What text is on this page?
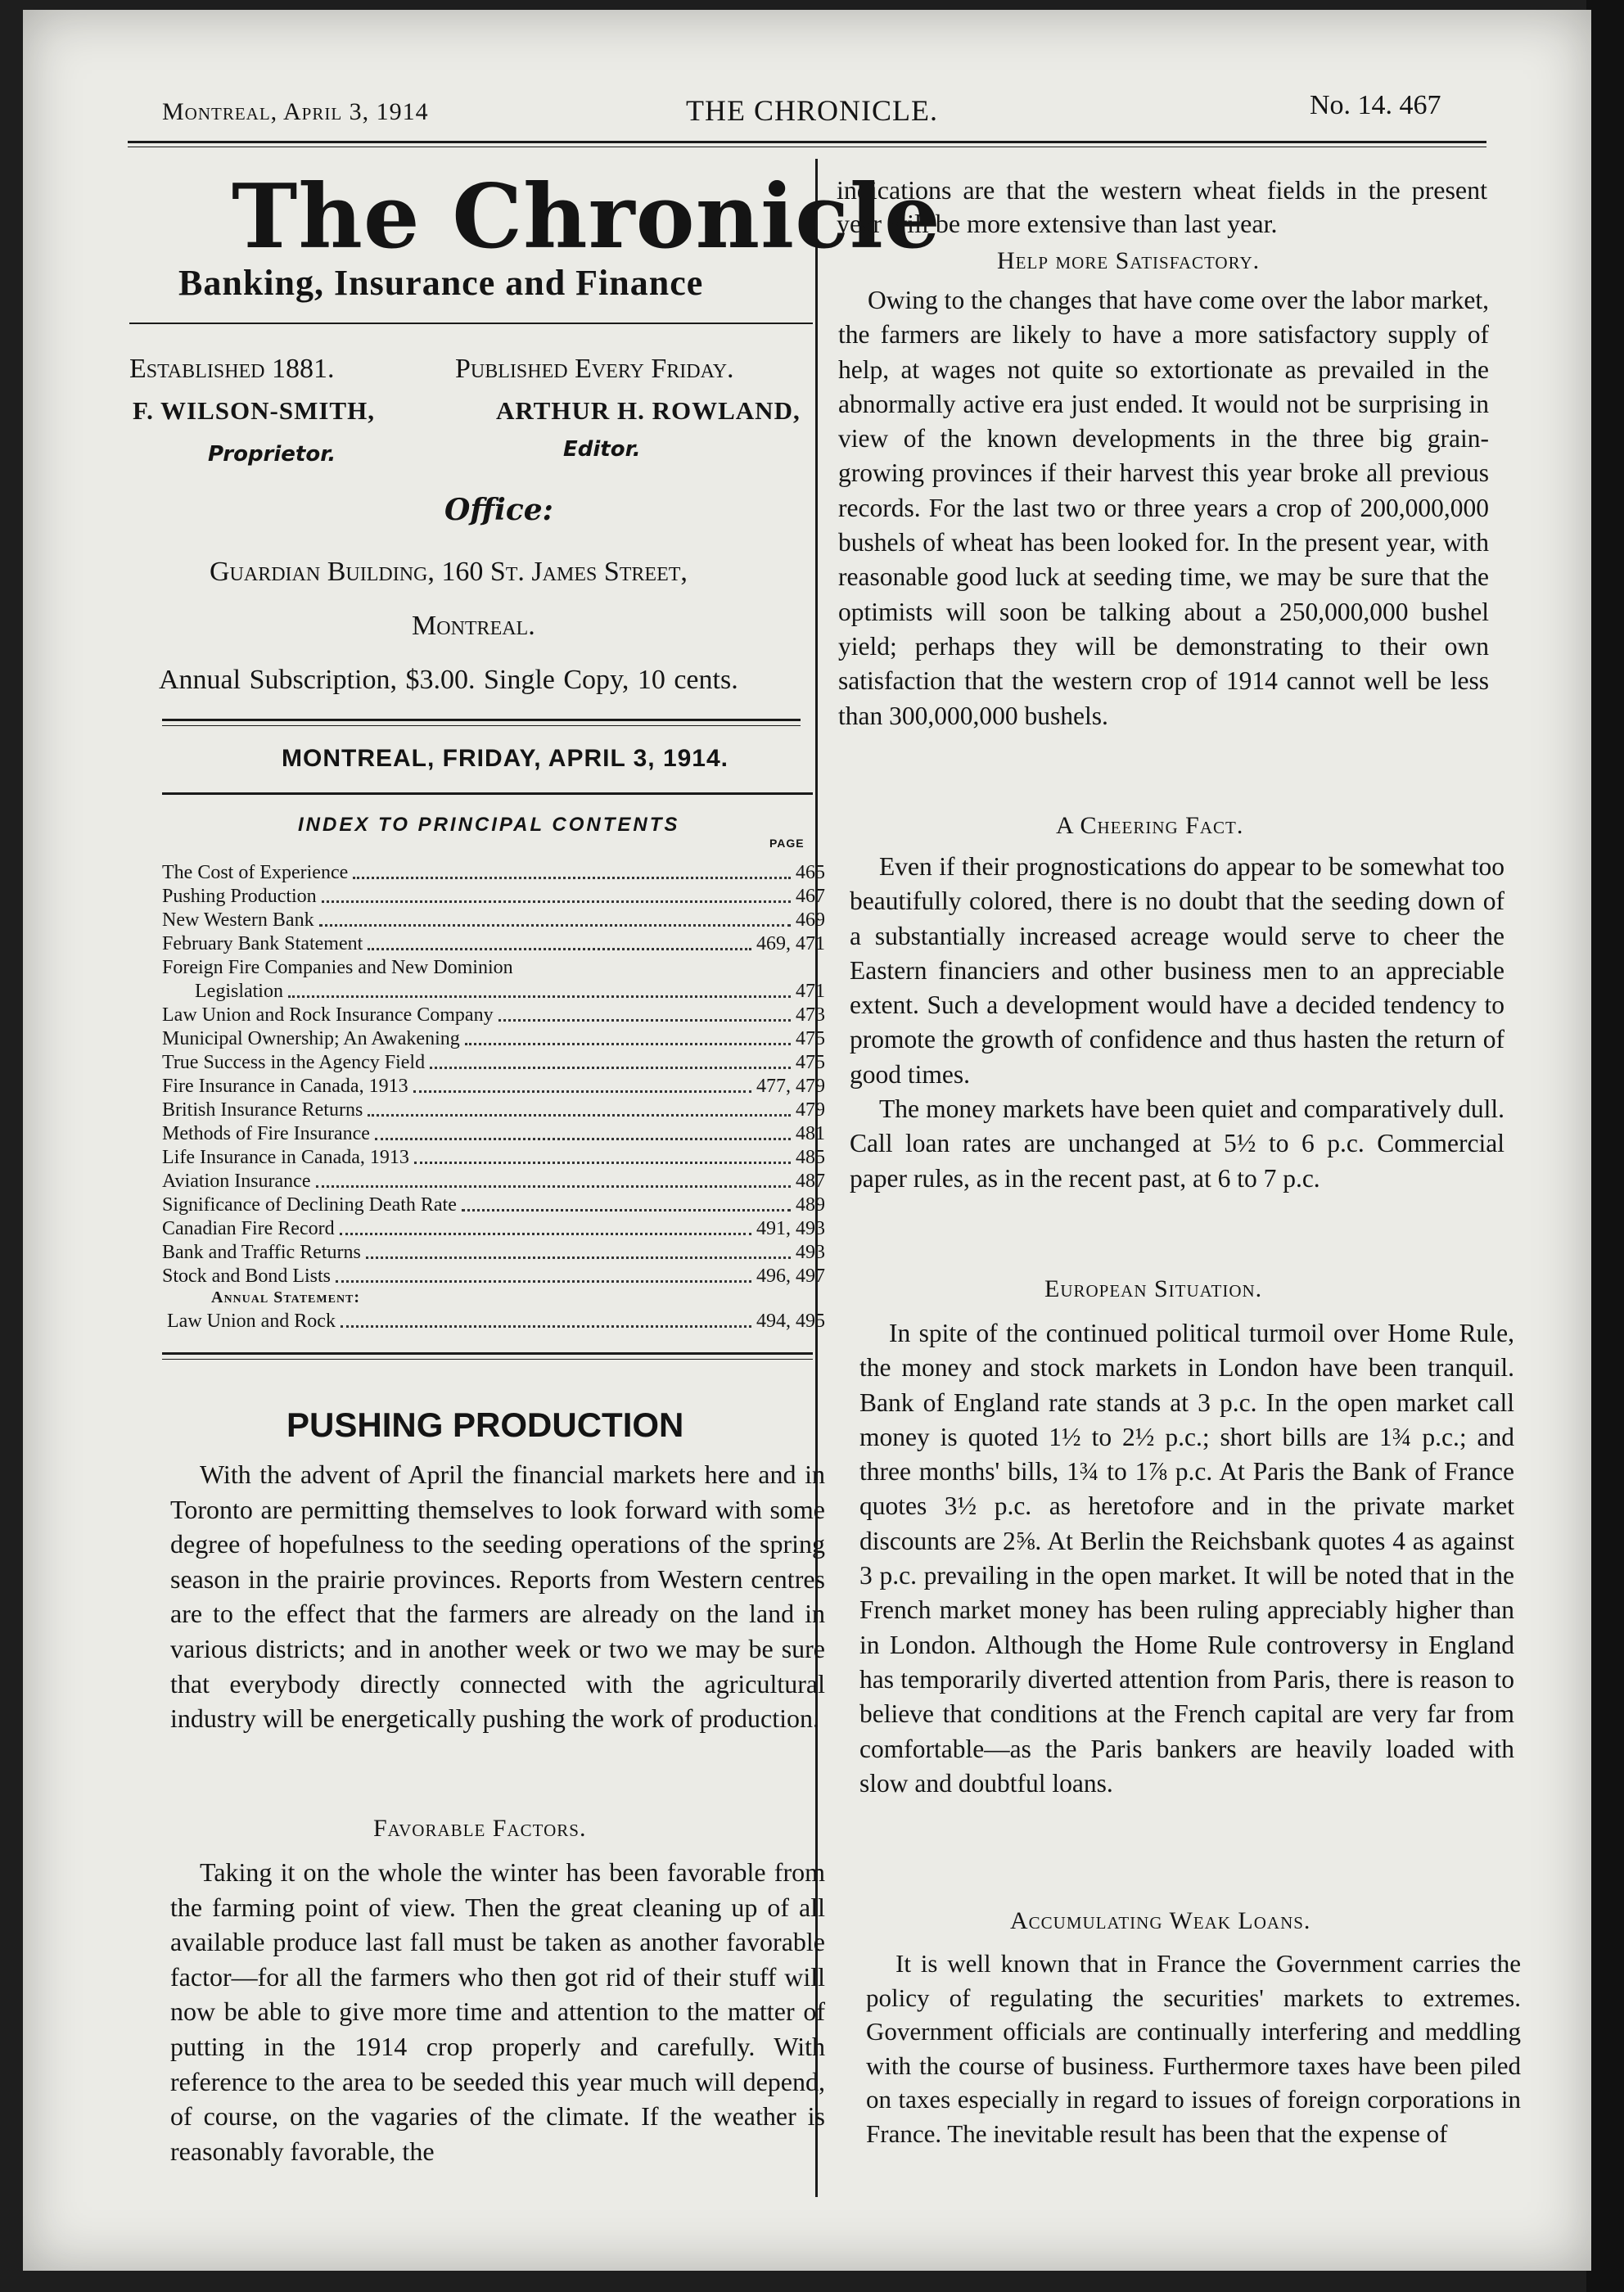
Montreal, April 3, 1914	THE CHRONICLE.	No. 14. 467
The Chronicle
Banking, Insurance and Finance
Established 1881.	Published Every Friday.
F. WILSON-SMITH,	ARTHUR H. ROWLAND,
Proprietor.	Editor.
Office:
Guardian Building, 160 St. James Street,
Montreal.
Annual Subscription, $3.00. Single Copy, 10 cents.
MONTREAL, FRIDAY, APRIL 3, 1914.
INDEX TO PRINCIPAL CONTENTS
PAGE
The Cost of Experience	465
Pushing Production	467
New Western Bank	469
February Bank Statement	469, 471
Foreign Fire Companies and New Dominion
Legislation	471
Law Union and Rock Insurance Company	473
Municipal Ownership; An Awakening	475
True Success in the Agency Field	475
Fire Insurance in Canada, 1913	477, 479
British Insurance Returns	479
Methods of Fire Insurance	481
Life Insurance in Canada, 1913	485
Aviation Insurance	487
Significance of Declining Death Rate	489
Canadian Fire Record	491, 493
Bank and Traffic Returns	493
Stock and Bond Lists	496, 497
Annual Statement:
Law Union and Rock	494, 495
PUSHING PRODUCTION
With the advent of April the financial markets here and in Toronto are permitting themselves to look forward with some degree of hopefulness to the seeding operations of the spring season in the prairie provinces. Reports from Western centres are to the effect that the farmers are already on the land in various districts; and in another week or two we may be sure that everybody directly connected with the agricultural industry will be energetically pushing the work of production.
Favorable Factors.
Taking it on the whole the winter has been favorable from the farming point of view. Then the great cleaning up of all available produce last fall must be taken as another favorable factor—for all the farmers who then got rid of their stuff will now be able to give more time and attention to the matter of putting in the 1914 crop properly and carefully. With reference to the area to be seeded this year much will depend, of course, on the vagaries of the climate. If the weather is reasonably favorable, the
indications are that the western wheat fields in the present year will be more extensive than last year.
Help more Satisfactory.
Owing to the changes that have come over the labor market, the farmers are likely to have a more satisfactory supply of help, at wages not quite so extortionate as prevailed in the abnormally active era just ended. It would not be surprising in view of the known developments in the three big grain-growing provinces if their harvest this year broke all previous records. For the last two or three years a crop of 200,000,000 bushels of wheat has been looked for. In the present year, with reasonable good luck at seeding time, we may be sure that the optimists will soon be talking about a 250,000,000 bushel yield; perhaps they will be demonstrating to their own satisfaction that the western crop of 1914 cannot well be less than 300,000,000 bushels.
A Cheering Fact.
Even if their prognostications do appear to be somewhat too beautifully colored, there is no doubt that the seeding down of a substantially increased acreage would serve to cheer the Eastern financiers and other business men to an appreciable extent. Such a development would have a decided tendency to promote the growth of confidence and thus hasten the return of good times.
The money markets have been quiet and comparatively dull. Call loan rates are unchanged at 5½ to 6 p.c. Commercial paper rules, as in the recent past, at 6 to 7 p.c.
European Situation.
In spite of the continued political turmoil over Home Rule, the money and stock markets in London have been tranquil. Bank of England rate stands at 3 p.c. In the open market call money is quoted 1½ to 2½ p.c.; short bills are 1¾ p.c.; and three months' bills, 1¾ to 1⅞ p.c. At Paris the Bank of France quotes 3½ p.c. as heretofore and in the private market discounts are 2⅝. At Berlin the Reichsbank quotes 4 as against 3 p.c. prevailing in the open market. It will be noted that in the French market money has been ruling appreciably higher than in London. Although the Home Rule controversy in England has temporarily diverted attention from Paris, there is reason to believe that conditions at the French capital are very far from comfortable—as the Paris bankers are heavily loaded with slow and doubtful loans.
Accumulating Weak Loans.
It is well known that in France the Government carries the policy of regulating the securities' markets to extremes. Government officials are continually interfering and meddling with the course of business. Furthermore taxes have been piled on taxes especially in regard to issues of foreign corporations in France. The inevitable result has been that the expense of
